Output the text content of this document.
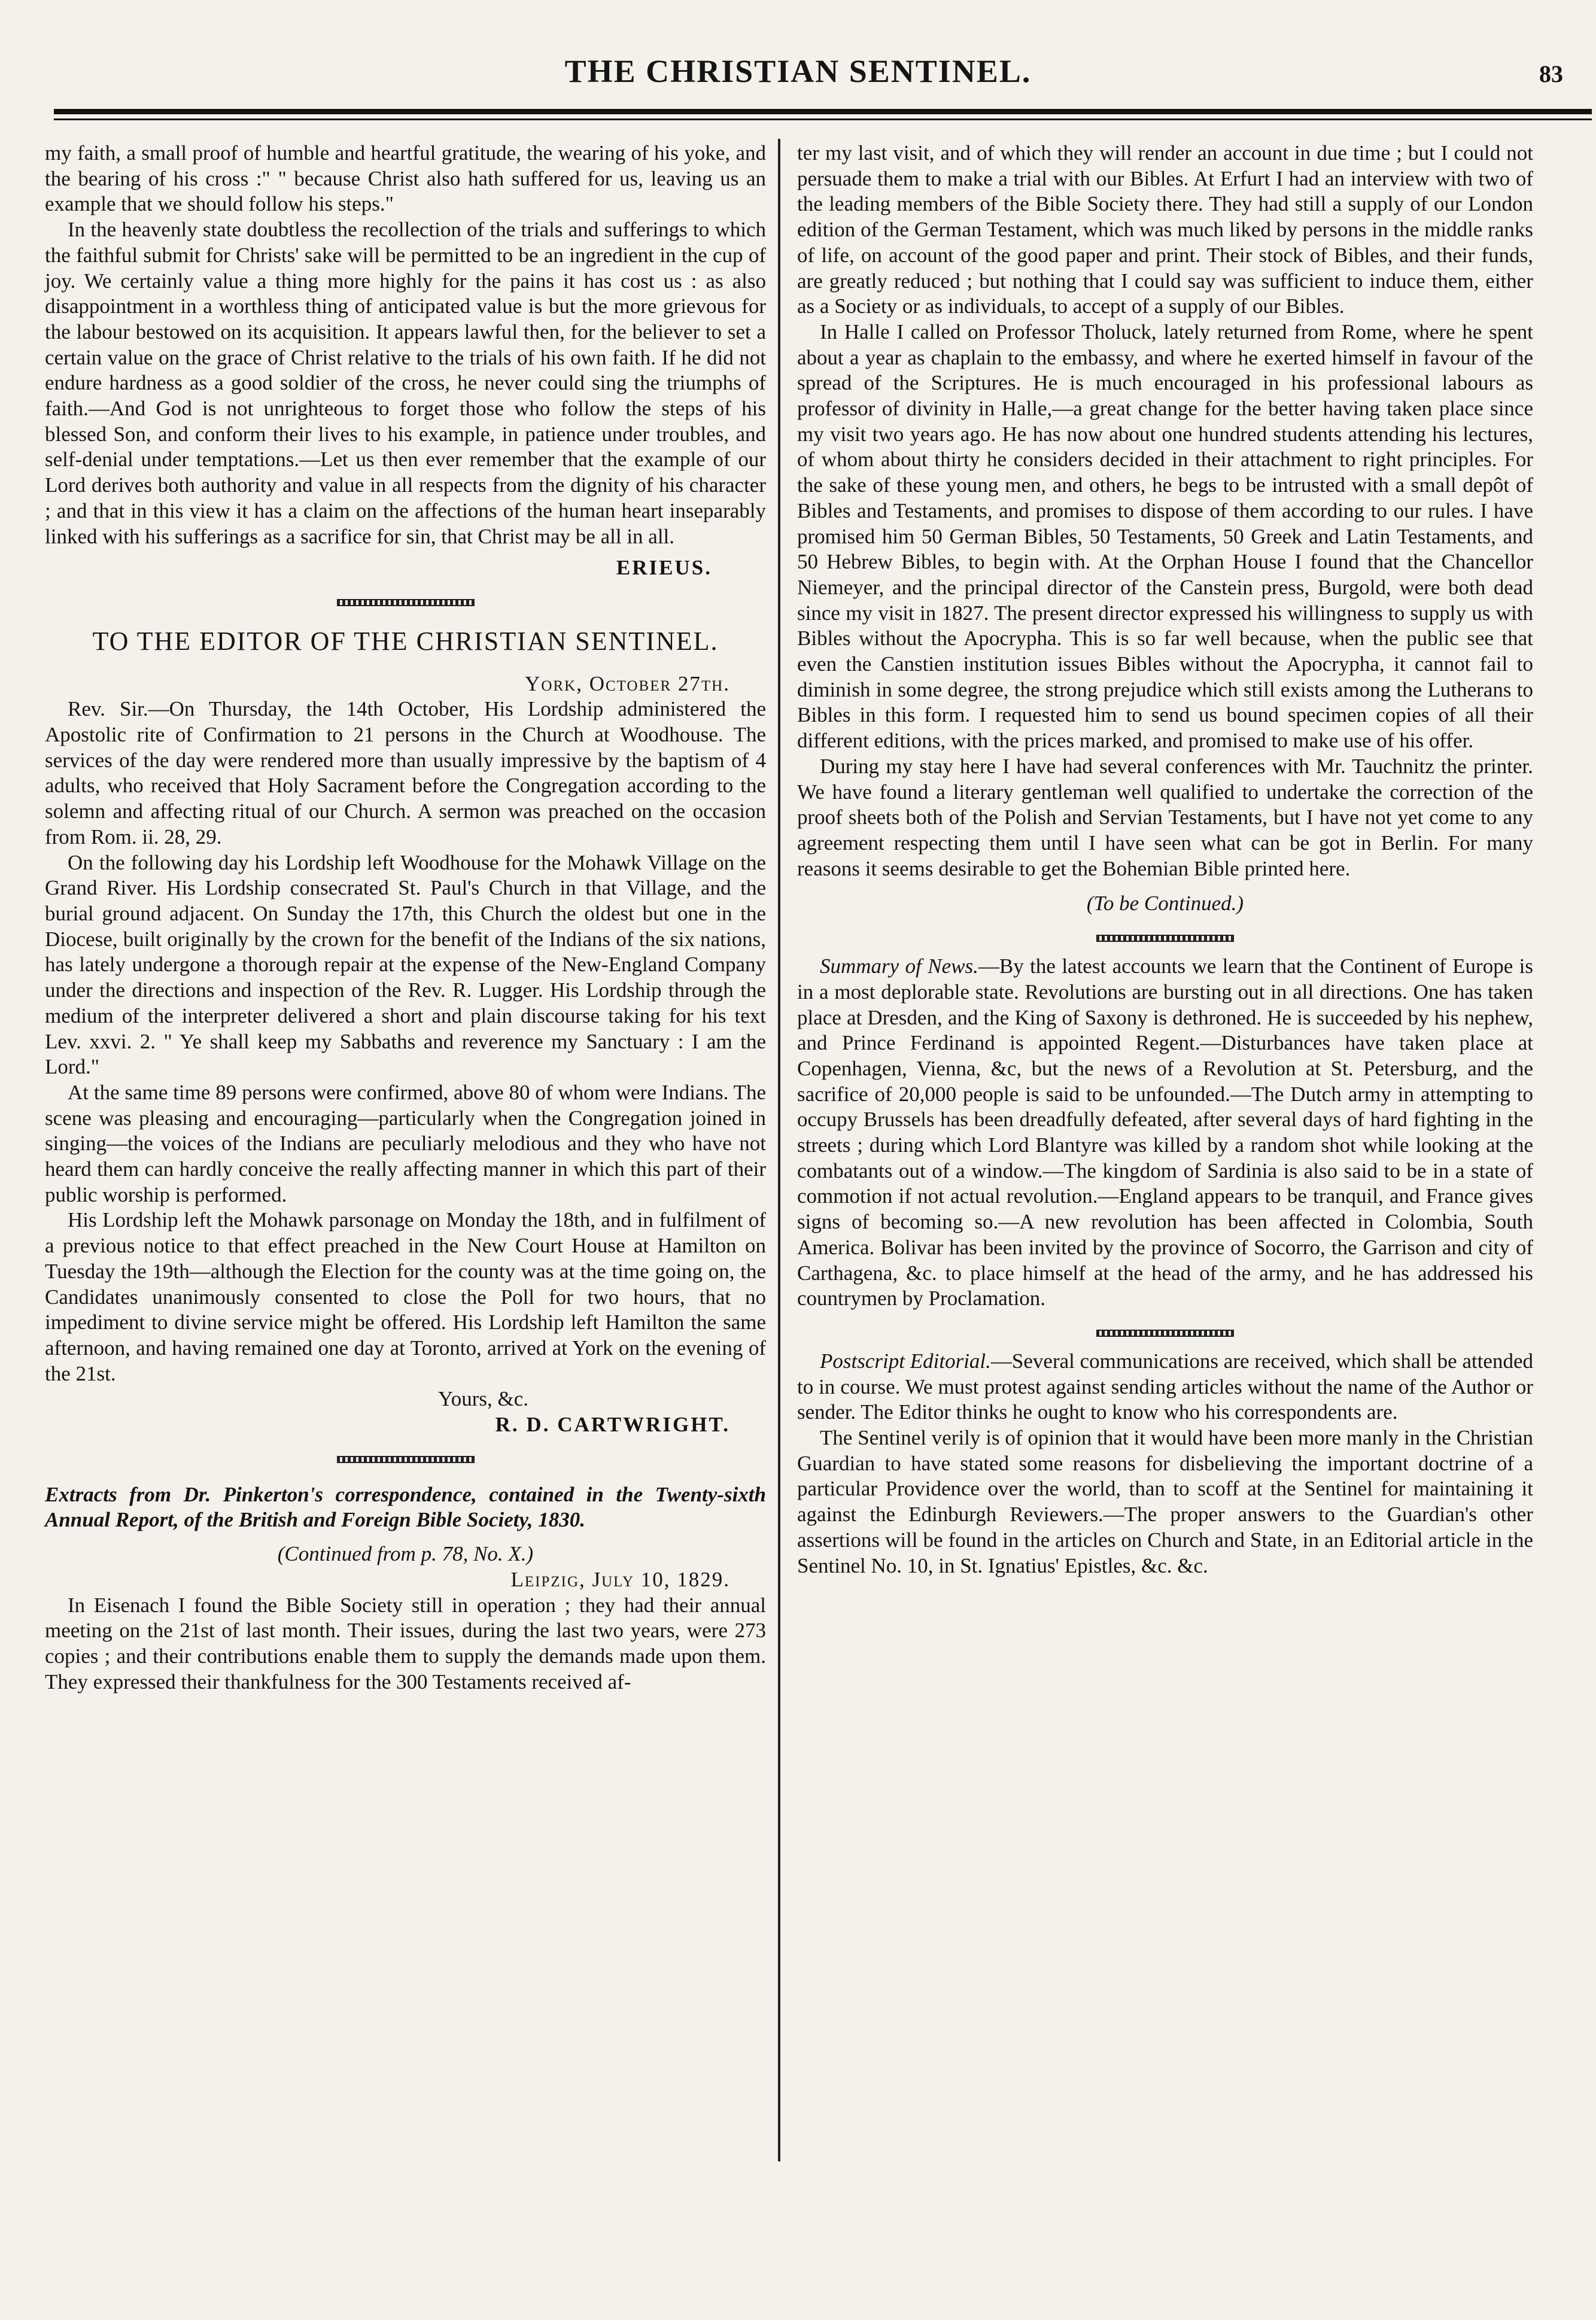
THE CHRISTIAN SENTINEL.	83

my faith, a small proof of humble and heartful gratitude, the wearing of his yoke, and the bearing of his cross :" " because Christ also hath suffered for us, leaving us an example that we should follow his steps."

In the heavenly state doubtless the recollection of the trials and sufferings to which the faithful submit for Christs' sake will be permitted to be an ingredient in the cup of joy. We certainly value a thing more highly for the pains it has cost us : as also disappointment in a worthless thing of anticipated value is but the more grievous for the labour bestowed on its acquisition. It appears lawful then, for the believer to set a certain value on the grace of Christ relative to the trials of his own faith. If he did not endure hardness as a good soldier of the cross, he never could sing the triumphs of faith.—And God is not unrighteous to forget those who follow the steps of his blessed Son, and conform their lives to his example, in patience under troubles, and self-denial under temptations.—Let us then ever remember that the example of our Lord derives both authority and value in all respects from the dignity of his character ; and that in this view it has a claim on the affections of the human heart inseparably linked with his sufferings as a sacrifice for sin, that Christ may be all in all.

ERIEUS.

TO THE EDITOR OF THE CHRISTIAN SENTINEL.

York, October 27th.

Rev. Sir.—On Thursday, the 14th October, His Lordship administered the Apostolic rite of Confirmation to 21 persons in the Church at Woodhouse. The services of the day were rendered more than usually impressive by the baptism of 4 adults, who received that Holy Sacrament before the Congregation according to the solemn and affecting ritual of our Church. A sermon was preached on the occasion from Rom. ii. 28, 29.

On the following day his Lordship left Woodhouse for the Mohawk Village on the Grand River. His Lordship consecrated St. Paul's Church in that Village, and the burial ground adjacent. On Sunday the 17th, this Church the oldest but one in the Diocese, built originally by the crown for the benefit of the Indians of the six nations, has lately undergone a thorough repair at the expense of the New-England Company under the directions and inspection of the Rev. R. Lugger. His Lordship through the medium of the interpreter delivered a short and plain discourse taking for his text Lev. xxvi. 2. " Ye shall keep my Sabbaths and reverence my Sanctuary : I am the Lord."

At the same time 89 persons were confirmed, above 80 of whom were Indians. The scene was pleasing and encouraging—particularly when the Congregation joined in singing—the voices of the Indians are peculiarly melodious and they who have not heard them can hardly conceive the really affecting manner in which this part of their public worship is performed.

His Lordship left the Mohawk parsonage on Monday the 18th, and in fulfilment of a previous notice to that effect preached in the New Court House at Hamilton on Tuesday the 19th—although the Election for the county was at the time going on, the Candidates unanimously consented to close the Poll for two hours, that no impediment to divine service might be offered. His Lordship left Hamilton the same afternoon, and having remained one day at Toronto, arrived at York on the evening of the 21st.

Yours, &c.

R. D. CARTWRIGHT.

Extracts from Dr. Pinkerton's correspondence, contained in the Twenty-sixth Annual Report, of the British and Foreign Bible Society, 1830.

(Continued from p. 78, No. X.)

Leipzig, July 10, 1829.

In Eisenach I found the Bible Society still in operation ; they had their annual meeting on the 21st of last month. Their issues, during the last two years, were 273 copies ; and their contributions enable them to supply the demands made upon them. They expressed their thankfulness for the 300 Testaments received af-

ter my last visit, and of which they will render an account in due time ; but I could not persuade them to make a trial with our Bibles. At Erfurt I had an interview with two of the leading members of the Bible Society there. They had still a supply of our London edition of the German Testament, which was much liked by persons in the middle ranks of life, on account of the good paper and print. Their stock of Bibles, and their funds, are greatly reduced ; but nothing that I could say was sufficient to induce them, either as a Society or as individuals, to accept of a supply of our Bibles.

In Halle I called on Professor Tholuck, lately returned from Rome, where he spent about a year as chaplain to the embassy, and where he exerted himself in favour of the spread of the Scriptures. He is much encouraged in his professional labours as professor of divinity in Halle,—a great change for the better having taken place since my visit two years ago. He has now about one hundred students attending his lectures, of whom about thirty he considers decided in their attachment to right principles. For the sake of these young men, and others, he begs to be intrusted with a small depôt of Bibles and Testaments, and promises to dispose of them according to our rules. I have promised him 50 German Bibles, 50 Testaments, 50 Greek and Latin Testaments, and 50 Hebrew Bibles, to begin with. At the Orphan House I found that the Chancellor Niemeyer, and the principal director of the Canstein press, Burgold, were both dead since my visit in 1827. The present director expressed his willingness to supply us with Bibles without the Apocrypha. This is so far well because, when the public see that even the Canstien institution issues Bibles without the Apocrypha, it cannot fail to diminish in some degree, the strong prejudice which still exists among the Lutherans to Bibles in this form. I requested him to send us bound specimen copies of all their different editions, with the prices marked, and promised to make use of his offer.

During my stay here I have had several conferences with Mr. Tauchnitz the printer. We have found a literary gentleman well qualified to undertake the correction of the proof sheets both of the Polish and Servian Testaments, but I have not yet come to any agreement respecting them until I have seen what can be got in Berlin. For many reasons it seems desirable to get the Bohemian Bible printed here.

(To be Continued.)

Summary of News.—By the latest accounts we learn that the Continent of Europe is in a most deplorable state. Revolutions are bursting out in all directions. One has taken place at Dresden, and the King of Saxony is dethroned. He is succeeded by his nephew, and Prince Ferdinand is appointed Regent.—Disturbances have taken place at Copenhagen, Vienna, &c, but the news of a Revolution at St. Petersburg, and the sacrifice of 20,000 people is said to be unfounded.—The Dutch army in attempting to occupy Brussels has been dreadfully defeated, after several days of hard fighting in the streets ; during which Lord Blantyre was killed by a random shot while looking at the combatants out of a window.—The kingdom of Sardinia is also said to be in a state of commotion if not actual revolution.—England appears to be tranquil, and France gives signs of becoming so.—A new revolution has been affected in Colombia, South America. Bolivar has been invited by the province of Socorro, the Garrison and city of Carthagena, &c. to place himself at the head of the army, and he has addressed his countrymen by Proclamation.

Postscript Editorial.—Several communications are received, which shall be attended to in course. We must protest against sending articles without the name of the Author or sender. The Editor thinks he ought to know who his correspondents are.

The Sentinel verily is of opinion that it would have been more manly in the Christian Guardian to have stated some reasons for disbelieving the important doctrine of a particular Providence over the world, than to scoff at the Sentinel for maintaining it against the Edinburgh Reviewers.—The proper answers to the Guardian's other assertions will be found in the articles on Church and State, in an Editorial article in the Sentinel No. 10, in St. Ignatius' Epistles, &c. &c.
